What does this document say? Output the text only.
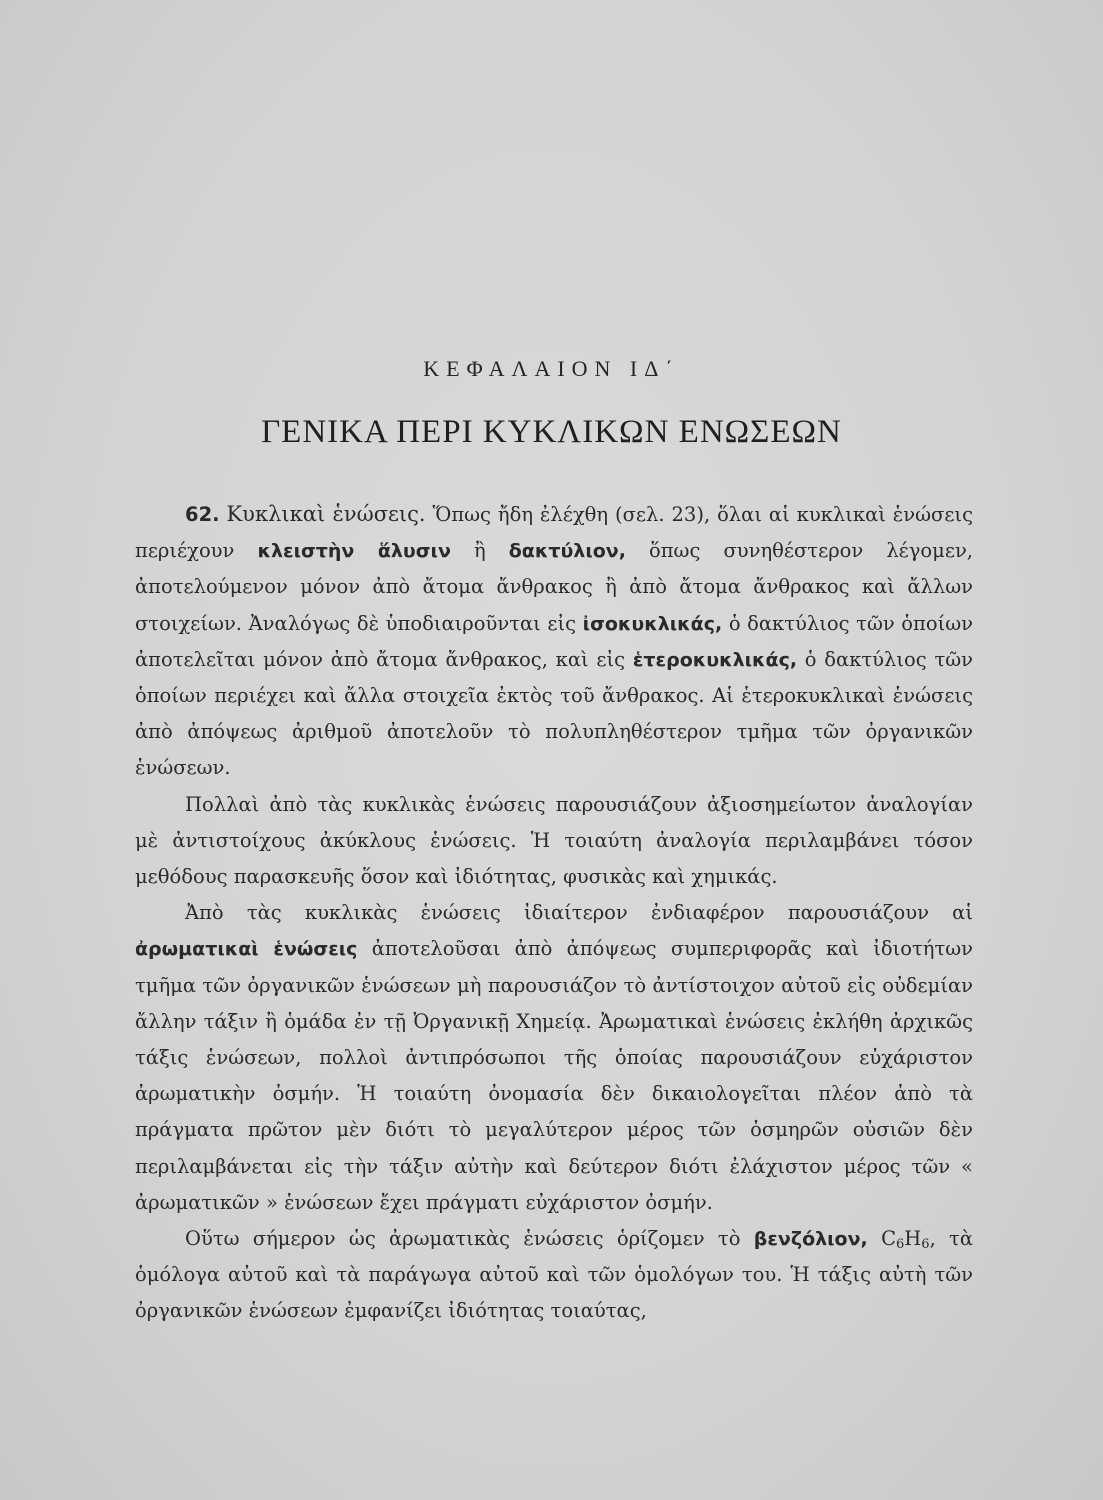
ΚΕΦΑΛΑΙΟΝ ΙΔ΄
ΓΕΝΙΚΑ ΠΕΡΙ ΚΥΚΛΙΚΩΝ ΕΝΩΣΕΩΝ

62. Κυκλικαὶ ἑνώσεις. Ὅπως ἤδη ἐλέχθη (σελ. 23), ὅλαι αἱ κυκλικαὶ ἑνώσεις περιέχουν κλειστὴν ἅλυσιν ἢ δακτύλιον, ὅπως συνηθέστερον λέγομεν, ἀποτελούμενον μόνον ἀπὸ ἄτομα ἄνθρακος ἢ ἀπὸ ἄτομα ἄνθρακος καὶ ἄλλων στοιχείων. Ἀναλόγως δὲ ὑποδιαιροῦνται εἰς ἰσοκυκλικάς, ὁ δακτύλιος τῶν ὁποίων ἀποτελεῖται μόνον ἀπὸ ἄτομα ἄνθρακος, καὶ εἰς ἑτεροκυκλικάς, ὁ δακτύλιος τῶν ὁποίων περιέχει καὶ ἄλλα στοιχεῖα ἐκτὸς τοῦ ἄνθρακος. Αἱ ἑτεροκυκλικαὶ ἑνώσεις ἀπὸ ἀπόψεως ἀριθμοῦ ἀποτελοῦν τὸ πολυπληθέστερον τμῆμα τῶν ὀργανικῶν ἑνώσεων.

Πολλαὶ ἀπὸ τὰς κυκλικὰς ἑνώσεις παρουσιάζουν ἀξιοσημείωτον ἀναλογίαν μὲ ἀντιστοίχους ἀκύκλους ἑνώσεις. Ἡ τοιαύτη ἀναλογία περιλαμβάνει τόσον μεθόδους παρασκευῆς ὅσον καὶ ἰδιότητας, φυσικὰς καὶ χημικάς.

Ἀπὸ τὰς κυκλικὰς ἑνώσεις ἰδιαίτερον ἐνδιαφέρον παρουσιάζουν αἱ ἀρωματικαὶ ἑνώσεις ἀποτελοῦσαι ἀπὸ ἀπόψεως συμπεριφορᾶς καὶ ἰδιοτήτων τμῆμα τῶν ὀργανικῶν ἑνώσεων μὴ παρουσιάζον τὸ ἀντίστοιχον αὐτοῦ εἰς οὐδεμίαν ἄλλην τάξιν ἢ ὁμάδα ἐν τῇ Ὀργανικῇ Χημείᾳ. Ἀρωματικαὶ ἑνώσεις ἐκλήθη ἀρχικῶς τάξις ἑνώσεων, πολλοὶ ἀντιπρόσωποι τῆς ὁποίας παρουσιάζουν εὐχάριστον ἀρωματικὴν ὀσμήν. Ἡ τοιαύτη ὀνομασία δὲν δικαιολογεῖται πλέον ἀπὸ τὰ πράγματα πρῶτον μὲν διότι τὸ μεγαλύτερον μέρος τῶν ὀσμηρῶν οὐσιῶν δὲν περιλαμβάνεται εἰς τὴν τάξιν αὐτὴν καὶ δεύτερον διότι ἐλάχιστον μέρος τῶν « ἀρωματικῶν » ἑνώσεων ἔχει πράγματι εὐχάριστον ὀσμήν.

Οὕτω σήμερον ὡς ἀρωματικὰς ἑνώσεις ὁρίζομεν τὸ βενζόλιον, $C_6H_6$, τὰ ὁμόλογα αὐτοῦ καὶ τὰ παράγωγα αὐτοῦ καὶ τῶν ὁμολόγων του. Ἡ τάξις αὐτὴ τῶν ὀργανικῶν ἑνώσεων ἐμφανίζει ἰδιότητας τοιαύτας,
